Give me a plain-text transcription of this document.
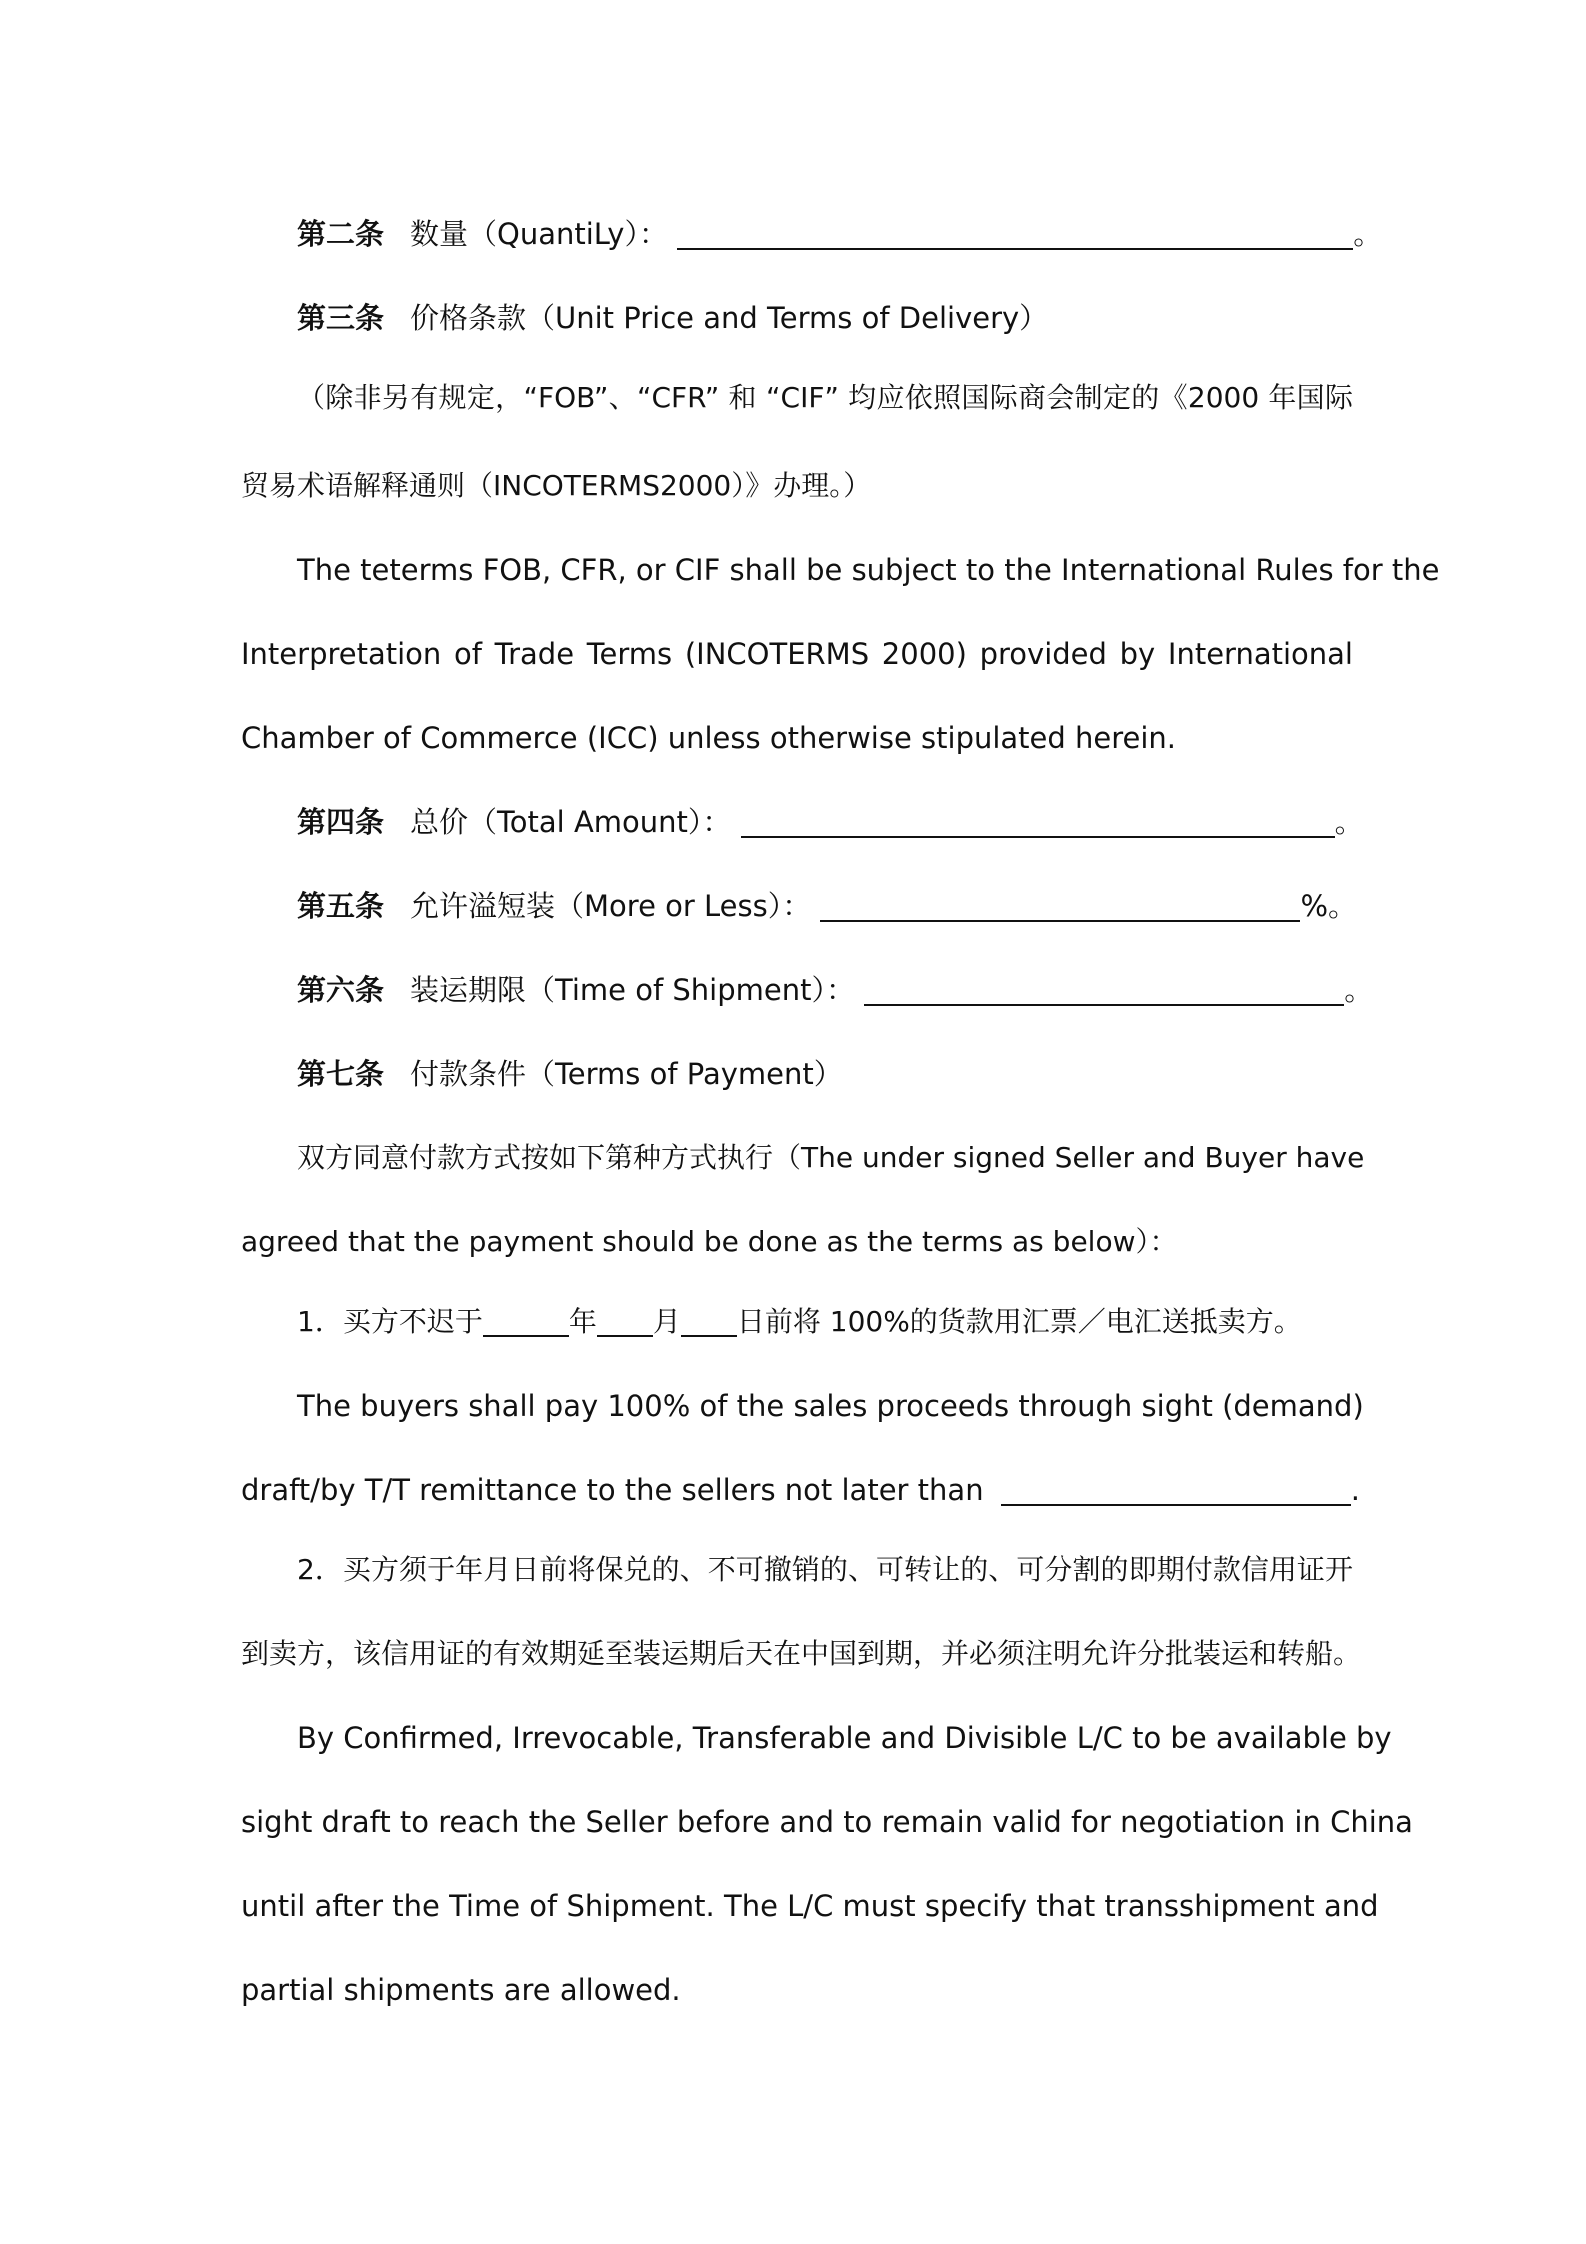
第二条 数量（QuantiLy）：	。
第三条 价格条款（Unit Price and Terms of Delivery）
（除非另有规定，“FOB”、“CFR” 和 “CIF” 均应依照国际商会制定的《2000 年国际
贸易术语解释通则（INCOTERMS2000）》办理。）
The teterms FOB, CFR, or CIF shall be subject to the International Rules for the
Interpretation of Trade Terms (INCOTERMS 2000) provided by International
Chamber of Commerce (ICC) unless otherwise stipulated herein.
第四条 总价（Total Amount）：	。
第五条 允许溢短装（More or Less）：	%。
第六条 装运期限（Time of Shipment）：	。
第七条 付款条件（Terms of Payment）
双方同意付款方式按如下第种方式执行（The under signed Seller and Buyer have
agreed that the payment should be done as the terms as below）：
1．买方不迟于	年 月 日前将 100%的货款用汇票／电汇送抵卖方。
The buyers shall pay 100% of the sales proceeds through sight (demand)
draft/by T/T remittance to the sellers not later than	.
2．买方须于年月日前将保兑的、不可撤销的、可转让的、可分割的即期付款信用证开
到卖方，该信用证的有效期延至装运期后天在中国到期，并必须注明允许分批装运和转船。
By Confirmed, Irrevocable, Transferable and Divisible L/C to be available by
sight draft to reach the Seller before and to remain valid for negotiation in China
until after the Time of Shipment. The L/C must specify that transshipment and
partial shipments are allowed.
